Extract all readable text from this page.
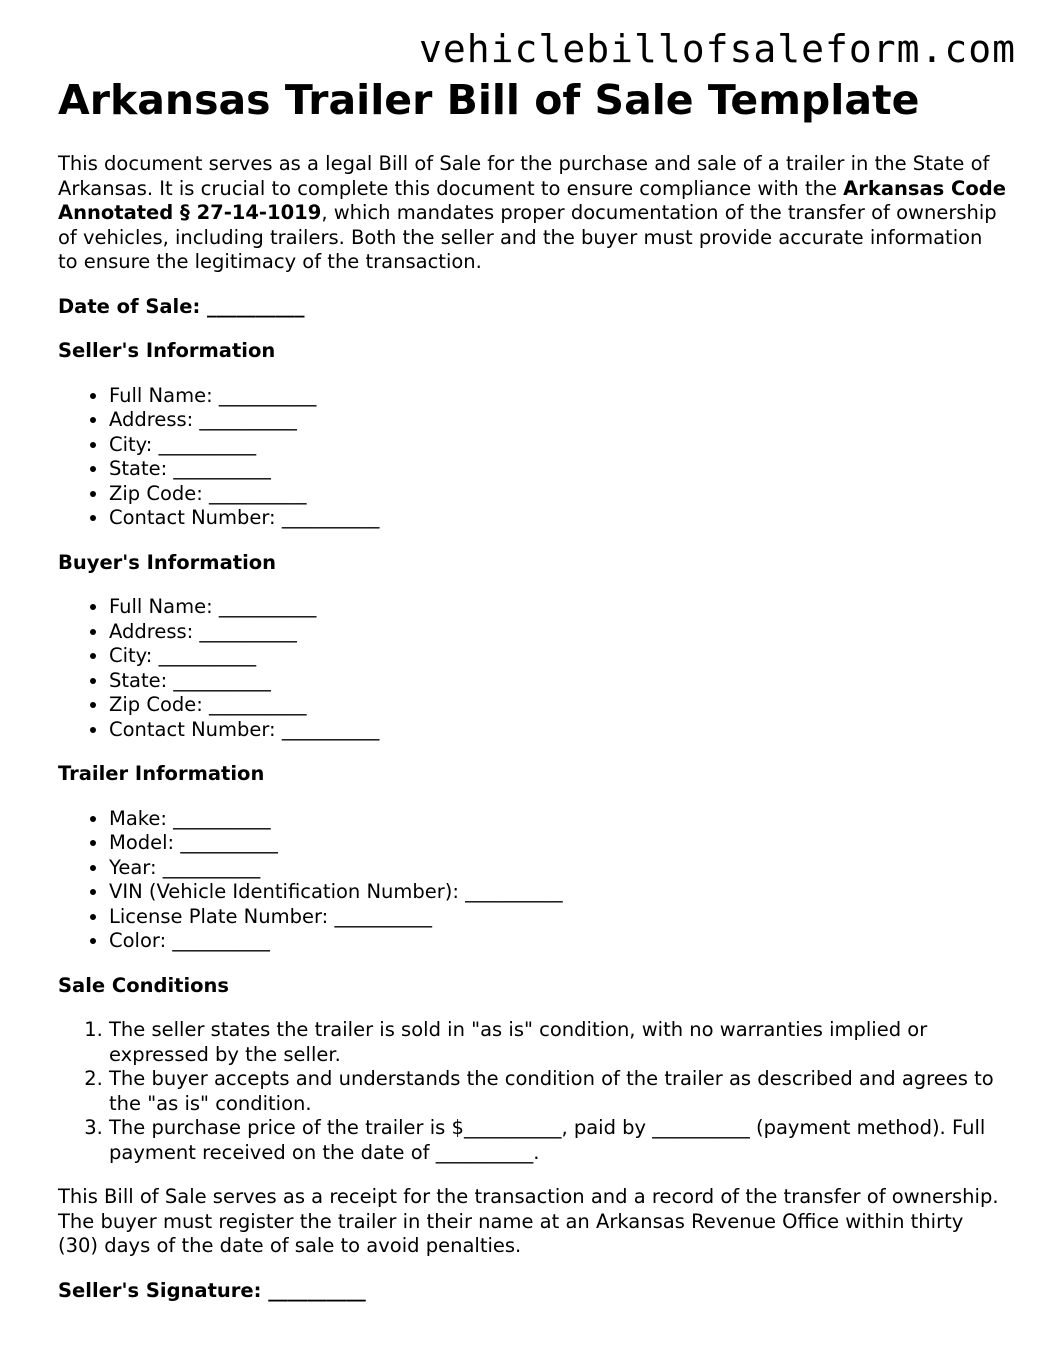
vehiclebillofsaleform.com
Arkansas Trailer Bill of Sale Template

This document serves as a legal Bill of Sale for the purchase and sale of a trailer in the State of Arkansas. It is crucial to complete this document to ensure compliance with the Arkansas Code Annotated § 27-14-1019, which mandates proper documentation of the transfer of ownership of vehicles, including trailers. Both the seller and the buyer must provide accurate information to ensure the legitimacy of the transaction.

Date of Sale: __________

Seller's Information

• Full Name: __________
• Address: __________
• City: __________
• State: __________
• Zip Code: __________
• Contact Number: __________

Buyer's Information

• Full Name: __________
• Address: __________
• City: __________
• State: __________
• Zip Code: __________
• Contact Number: __________

Trailer Information

• Make: __________
• Model: __________
• Year: __________
• VIN (Vehicle Identification Number): __________
• License Plate Number: __________
• Color: __________

Sale Conditions

1. The seller states the trailer is sold in "as is" condition, with no warranties implied or expressed by the seller.
2. The buyer accepts and understands the condition of the trailer as described and agrees to the "as is" condition.
3. The purchase price of the trailer is $__________, paid by __________ (payment method). Full payment received on the date of __________.

This Bill of Sale serves as a receipt for the transaction and a record of the transfer of ownership. The buyer must register the trailer in their name at an Arkansas Revenue Office within thirty (30) days of the date of sale to avoid penalties.

Seller's Signature: __________
